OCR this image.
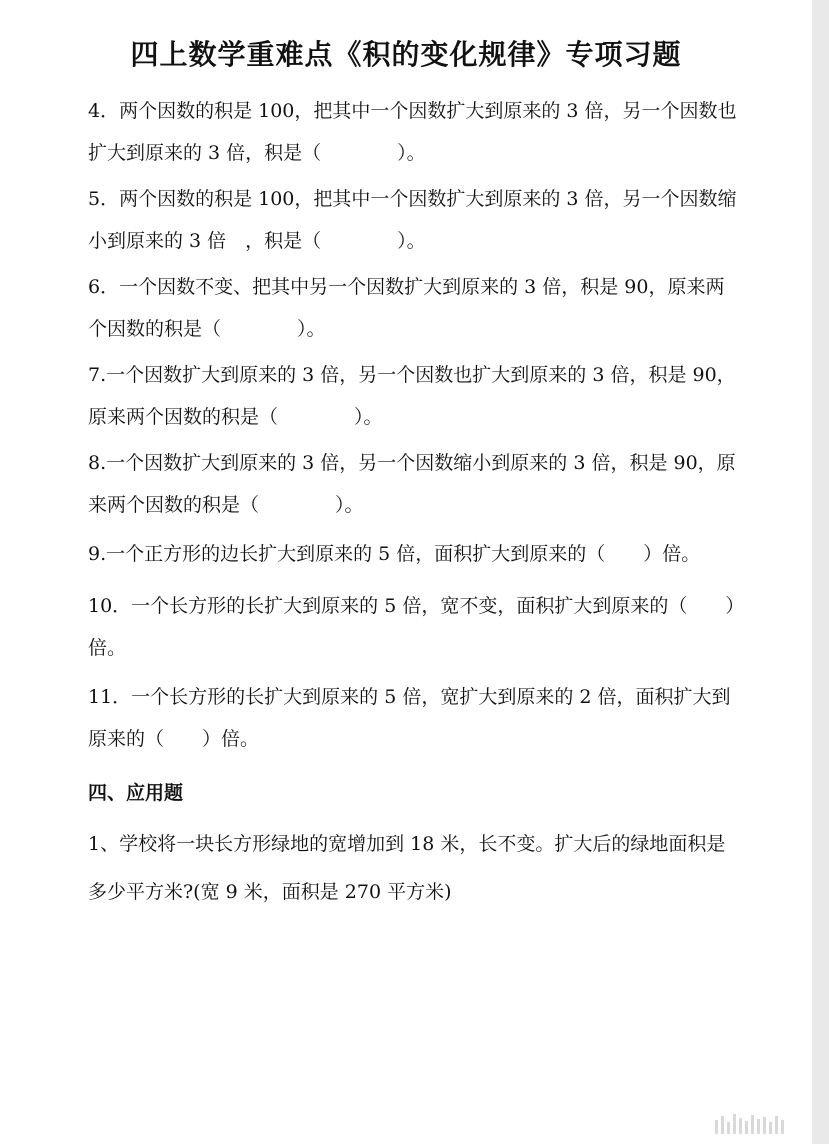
四上数学重难点《积的变化规律》专项习题
4．两个因数的积是 100，把其中一个因数扩大到原来的 3 倍，另一个因数也
扩大到原来的 3 倍，积是（　　　　）。
5．两个因数的积是 100，把其中一个因数扩大到原来的 3 倍，另一个因数缩
小到原来的 3 倍　，积是（　　　　）。
6．一个因数不变、把其中另一个因数扩大到原来的 3 倍，积是 90，原来两
个因数的积是（　　　　）。
7.一个因数扩大到原来的 3 倍，另一个因数也扩大到原来的 3 倍，积是 90，
原来两个因数的积是（　　　　）。
8.一个因数扩大到原来的 3 倍，另一个因数缩小到原来的 3 倍，积是 90，原
来两个因数的积是（　　　　）。
9.一个正方形的边长扩大到原来的 5 倍，面积扩大到原来的（　　）倍。
10．一个长方形的长扩大到原来的 5 倍，宽不变，面积扩大到原来的（　　）
倍。
11．一个长方形的长扩大到原来的 5 倍，宽扩大到原来的 2 倍，面积扩大到
原来的（　　）倍。
四、应用题
1、学校将一块长方形绿地的宽增加到 18 米，长不变。扩大后的绿地面积是
多少平方米?(宽 9 米，面积是 270 平方米)
